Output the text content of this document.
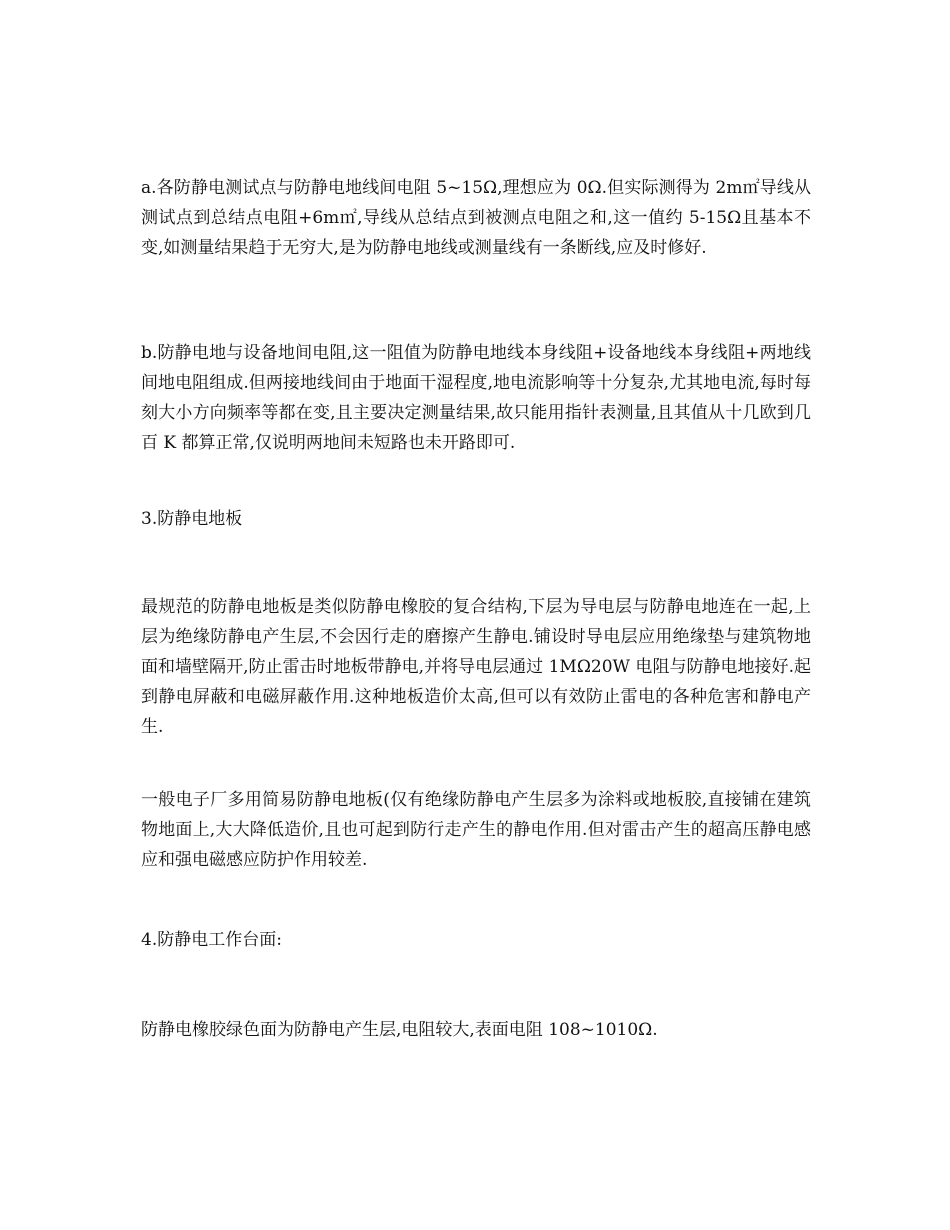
a.各防静电测试点与防静电地线间电阻 5~15Ω,理想应为 0Ω.但实际测得为 2m㎡导线从测试点到总结点电阻+6m㎡,导线从总结点到被测点电阻之和,这一值约 5-15Ω且基本不变,如测量结果趋于无穷大,是为防静电地线或测量线有一条断线,应及时修好.

b.防静电地与设备地间电阻,这一阻值为防静电地线本身线阻+设备地线本身线阻+两地线间地电阻组成.但两接地线间由于地面干湿程度,地电流影响等十分复杂,尤其地电流,每时每刻大小方向频率等都在变,且主要决定测量结果,故只能用指针表测量,且其值从十几欧到几百 K 都算正常,仅说明两地间未短路也未开路即可.

3.防静电地板

最规范的防静电地板是类似防静电橡胶的复合结构,下层为导电层与防静电地连在一起,上层为绝缘防静电产生层,不会因行走的磨擦产生静电.铺设时导电层应用绝缘垫与建筑物地面和墙壁隔开,防止雷击时地板带静电,并将导电层通过 1MΩ20W 电阻与防静电地接好.起到静电屏蔽和电磁屏蔽作用.这种地板造价太高,但可以有效防止雷电的各种危害和静电产生.

一般电子厂多用简易防静电地板(仅有绝缘防静电产生层多为涂料或地板胶,直接铺在建筑物地面上,大大降低造价,且也可起到防行走产生的静电作用.但对雷击产生的超高压静电感应和强电磁感应防护作用较差.

4.防静电工作台面:

防静电橡胶绿色面为防静电产生层,电阻较大,表面电阻 108~1010Ω.
